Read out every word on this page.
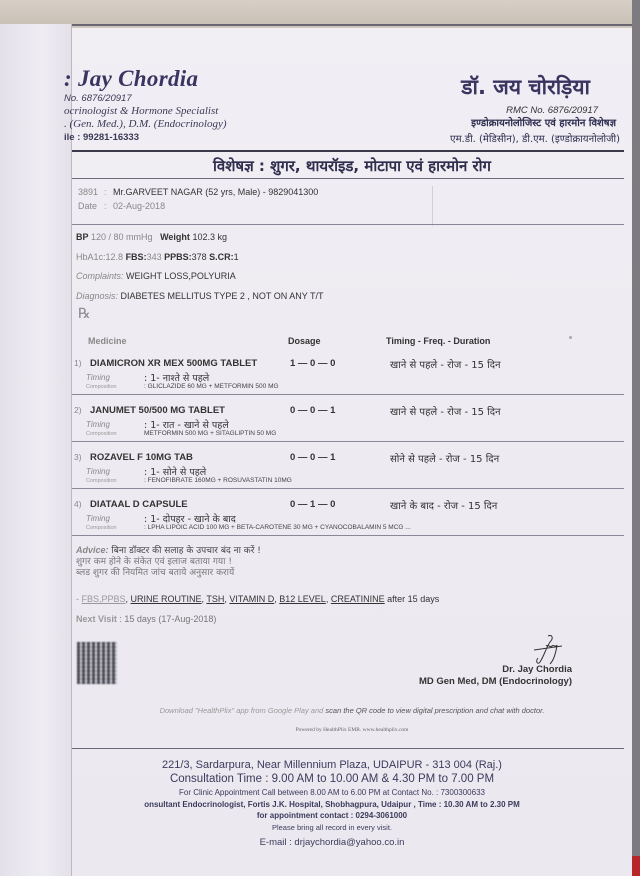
: Jay Chordia
No. 6876/20917
ocrinologist & Hormone Specialist
. (Gen. Med.), D.M. (Endocrinology)
ile : 99281-16333
डॉ. जय चोरड़िया
RMC No. 6876/20917
इण्डोक्रायनोलोजिस्ट एवं हारमोन विशेषज्ञ
एम.डी. (मेडिसीन), डी.एम. (इण्डोक्रायनोलोजी)
विशेषज्ञ : शुगर, थायरॉइड, मोटापा एवं हारमोन रोग
3891 : Mr.GARVEET NAGAR (52 yrs, Male) - 9829041300
Date : 02-Aug-2018
BP 120 / 80 mmHg Weight 102.3 kg
HbA1c:12.8 FBS:343 PPBS:378 S.CR:1
Complaints: WEIGHT LOSS,POLYURIA
Diagnosis: DIABETES MELLITUS TYPE 2 , NOT ON ANY T/T
℞
Medicine	Dosage	Timing - Freq. - Duration
1) DIAMICRON XR MEX 500MG TABLET	1 — 0 — 0	खाने से पहले - रोज - 15 दिन
Timing	: 1- नाश्ते से पहले
Composition	: GLICLAZIDE 60 MG + METFORMIN 500 MG
2) JANUMET 50/500 MG TABLET	0 — 0 — 1	खाने से पहले - रोज - 15 दिन
Timing	: 1- रात - खाने से पहले
Composition	METFORMIN 500 MG + SITAGLIPTIN 50 MG
3) ROZAVEL F 10MG TAB	0 — 0 — 1	सोने से पहले - रोज - 15 दिन
Timing	: 1- सोने से पहले
Composition	: FENOFIBRATE 160MG + ROSUVASTATIN 10MG
4) DIATAAL D CAPSULE	0 — 1 — 0	खाने के बाद - रोज - 15 दिन
Timing	: 1- दोपहर - खाने के बाद
Composition	: LPHA LIPOIC ACID 100 MG + BETA-CAROTENE 30 MG + CYANOCOBALAMIN 5 MCG ...
Advice: बिना डॉक्टर की सलाह के उपचार बंद ना करें !
शुगर कम होने के संकेत एवं इलाज बताया गया !
ब्लड शुगर की नियमित जांच बताये अनुसार करायें
- FBS,PPBS, URINE ROUTINE, TSH, VITAMIN D, B12 LEVEL, CREATININE after 15 days
Next Visit : 15 days (17-Aug-2018)
Dr. Jay Chordia
MD Gen Med, DM (Endocrinology)
Download "HealthPlix" app from Google Play and scan the QR code to view digital prescription and chat with doctor.
Powered by HealthPlix EMR. www.healthplix.com
221/3, Sardarpura, Near Millennium Plaza, UDAIPUR - 313 004 (Raj.)
Consultation Time : 9.00 AM to 10.00 AM & 4.30 PM to 7.00 PM
For Clinic Appointment Call between 8.00 AM to 6.00 PM at Contact No. : 7300300633
onsultant Endocrinologist, Fortis J.K. Hospital, Shobhagpura, Udaipur , Time : 10.30 AM to 2.30 PM
for appointment contact : 0294-3061000
Please bring all record in every visit.
E-mail : drjaychordia@yahoo.co.in
